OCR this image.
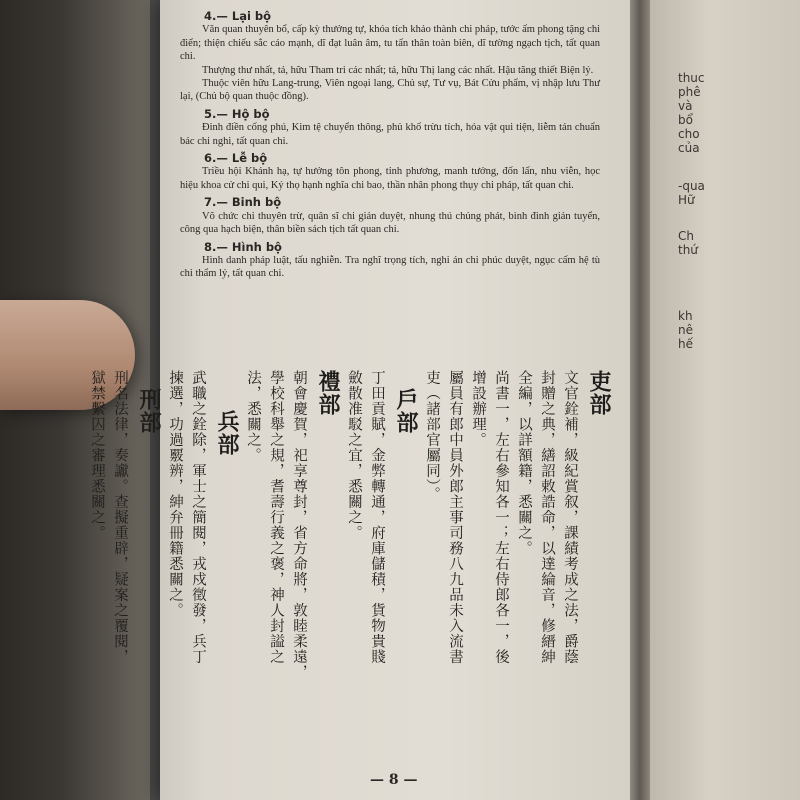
4.— Lại bộ

Văn quan thuyên bổ, cấp kỳ thưởng tự, khóa tích khảo thành chi pháp, tước ấm phong tặng chi điển; thiện chiếu sắc cáo mạnh, dĩ đạt luân âm, tu tấn thân toàn biên, dĩ tường ngạch tịch, tất quan chi.

Thượng thư nhất, tả, hữu Tham tri các nhất; tả, hữu Thị lang các nhất. Hậu tăng thiết Biện lý.

Thuộc viên hữu Lang-trung, Viên ngoại lang, Chủ sự, Tư vụ, Bát Cửu phẩm, vị nhập lưu Thư lại, (Chủ bộ quan thuộc đồng).

5.— Hộ bộ

Đinh điền cống phú, Kim tệ chuyển thông, phủ khố trừu tích, hóa vật qui tiện, liễm tán chuẩn bác chi nghi, tất quan chi.

6.— Lễ bộ

Triều hội Khánh hạ, tự hưởng tôn phong, tỉnh phương, manh tưởng, đốn lấn, nhu viễn, học hiệu khoa cử chi qui, Ký thọ hạnh nghĩa chi bao, thần nhân phong thụy chi pháp, tất quan chi.

7.— Binh bộ

Võ chức chi thuyên trừ, quân sĩ chi giản duyệt, nhung thú chủng phát, binh đinh giản tuyển, công qua hạch biện, thân biền sách tịch tất quan chi.

8.— Hình bộ

Hình danh pháp luật, tấu nghiễn. Tra nghĩ trọng tích, nghi án chi phúc duyệt, ngục cấm hệ tù chi thẩm lý, tất quan chi.

吏部
文官銓補，級紀賞叙，課績考成之法，爵蔭
封贈之典，繕詔敕誥命，以達綸音，修縉紳
全編，以詳額籍，悉關之。
尚書一，左右參知各一；左右侍郎各一，後
增設辦理。
屬員有郎中員外郎主事司務八九品未入流書
吏（諸部官屬同）。
戶部
丁田貢賦，金弊轉通，府庫儲積，貨物貴賤
斂散准駁之宜，悉關之。
禮部
朝會慶賀，祀享尊封，省方命將，敦睦柔遠，
學校科舉之規，耆壽行義之褒，神人封謚之
法，悉關之。
兵部
武職之銓除，軍士之簡閱，戎戍徵發，兵丁
揀選，功過覈辨，紳弁冊籍悉關之。
刑部
刑名法律，奏讞。查擬重辟，疑案之覆閱，
獄禁繫囚之審理悉關之。
— 8 —
thuc
phê
và
bổ
cho
của
-qua
Hữ
Ch
thứ
kh
nê
hế
